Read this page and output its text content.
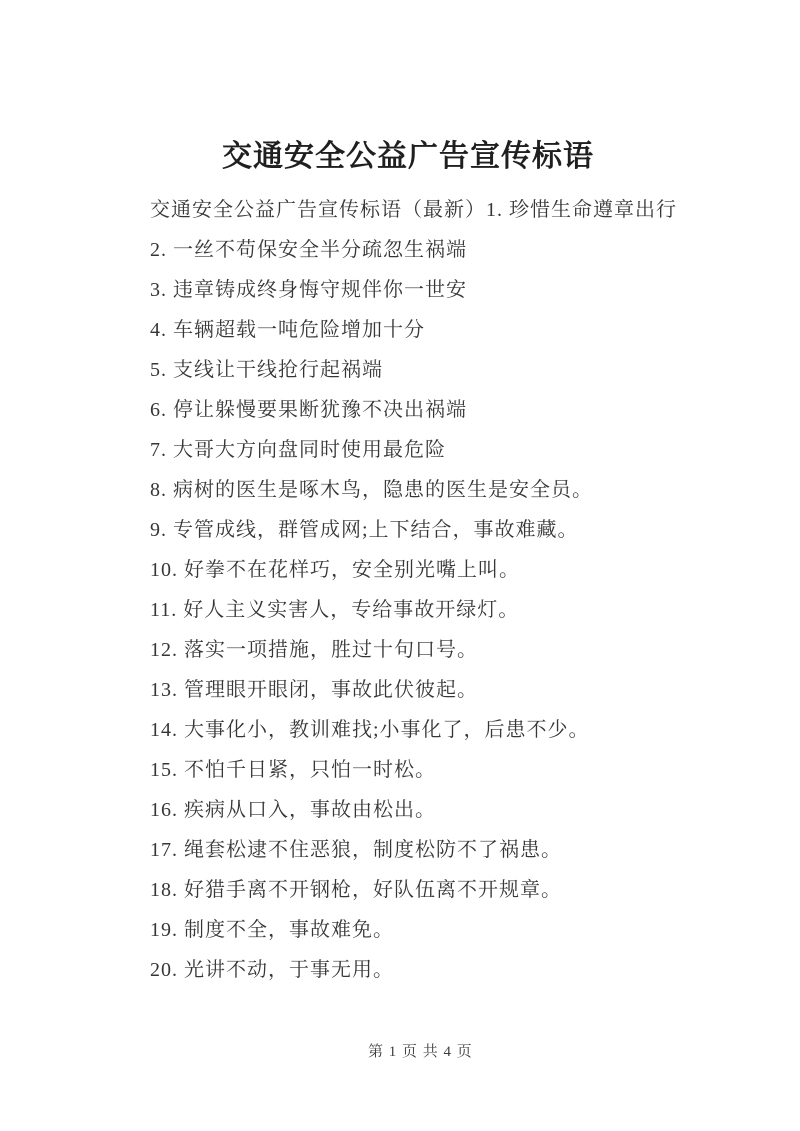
交通安全公益广告宣传标语

交通安全公益广告宣传标语（最新）1. 珍惜生命遵章出行

2. 一丝不苟保安全半分疏忽生祸端

3. 违章铸成终身悔守规伴你一世安

4. 车辆超载一吨危险增加十分

5. 支线让干线抢行起祸端

6. 停让躲慢要果断犹豫不决出祸端

7. 大哥大方向盘同时使用最危险

8. 病树的医生是啄木鸟，隐患的医生是安全员。

9. 专管成线，群管成网;上下结合，事故难藏。

10. 好拳不在花样巧，安全别光嘴上叫。

11. 好人主义实害人，专给事故开绿灯。

12. 落实一项措施，胜过十句口号。

13. 管理眼开眼闭，事故此伏彼起。

14. 大事化小，教训难找;小事化了，后患不少。

15. 不怕千日紧，只怕一时松。

16. 疾病从口入，事故由松出。

17. 绳套松逮不住恶狼，制度松防不了祸患。

18. 好猎手离不开钢枪，好队伍离不开规章。

19. 制度不全，事故难免。

20. 光讲不动，于事无用。

第 1 页 共 4 页
